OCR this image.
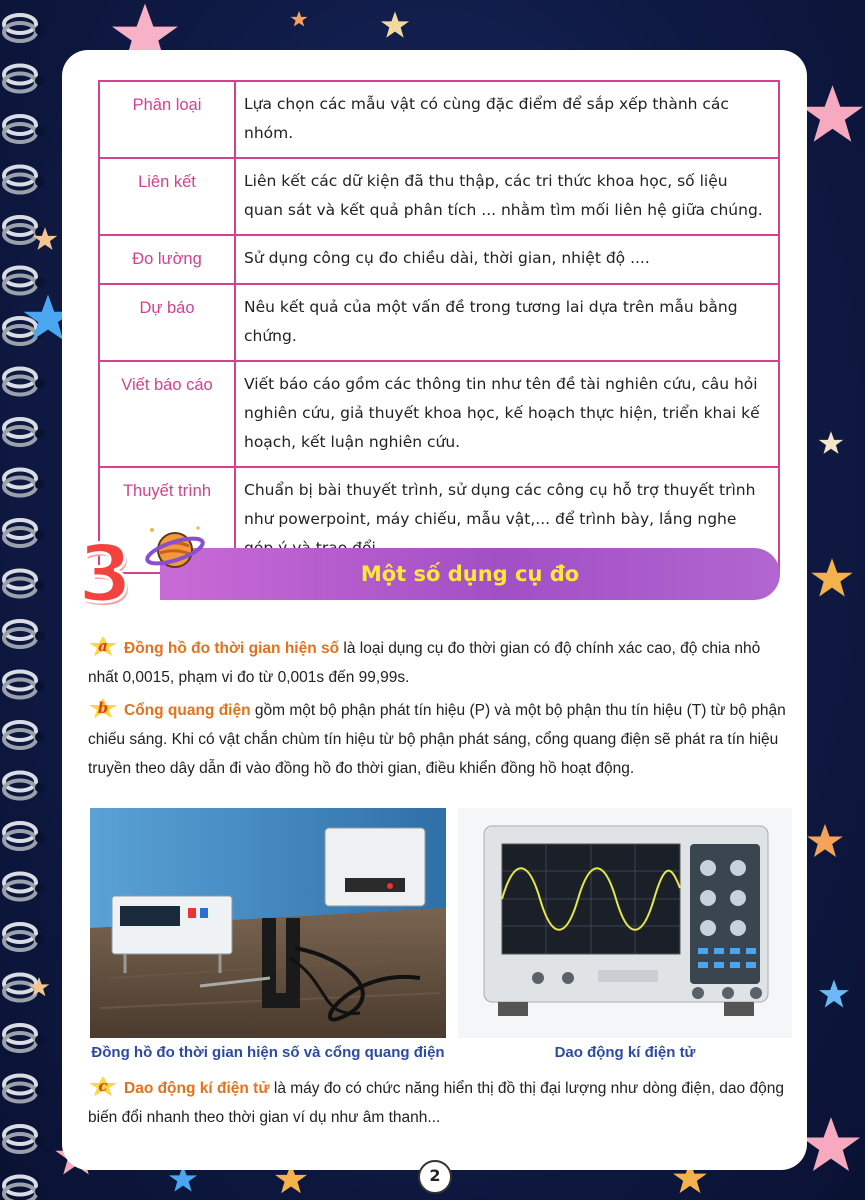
Phân loại	Lựa chọn các mẫu vật có cùng đặc điểm để sắp xếp thành các nhóm.
Liên kết	Liên kết các dữ kiện đã thu thập, các tri thức khoa học, số liệu quan sát và kết quả phân tích ... nhằm tìm mối liên hệ giữa chúng.
Đo lường	Sử dụng công cụ đo chiều dài, thời gian, nhiệt độ ....
Dự báo	Nêu kết quả của một vấn đề trong tương lai dựa trên mẫu bằng chứng.
Viết báo cáo	Viết báo cáo gồm các thông tin như tên đề tài nghiên cứu, câu hỏi nghiên cứu, giả thuyết khoa học, kế hoạch thực hiện, triển khai kế hoạch, kết luận nghiên cứu.
Thuyết trình	Chuẩn bị bài thuyết trình, sử dụng các công cụ hỗ trợ thuyết trình như powerpoint, máy chiếu, mẫu vật,... để trình bày, lắng nghe
Một số dụng cụ đo
3
a	Đồng hồ đo thời gian hiện số là loại dụng cụ đo thời gian có độ chính xác cao, độ chia nhỏ nhất 0,0015, phạm vi đo từ 0,001s đến 99,99s.
b	Cổng quang điện gồm một bộ phận phát tín hiệu (P) và một bộ phận thu tín hiệu (T) từ bộ phận chiếu sáng. Khi có vật chắn chùm tín hiệu từ bộ phận phát sáng, cổng quang điện sẽ phát ra tín hiệu truyền theo dây dẫn đi vào đồng hồ đo thời gian, điều khiển đồng hồ hoạt động.
Đồng hồ đo thời gian hiện số và cổng quang điện	Dao động kí điện tử
c	Dao động kí điện tử là máy đo có chức năng hiển thị đồ thị đại lượng như dòng điện, dao động biến đổi nhanh theo thời gian ví dụ như âm thanh...
2
